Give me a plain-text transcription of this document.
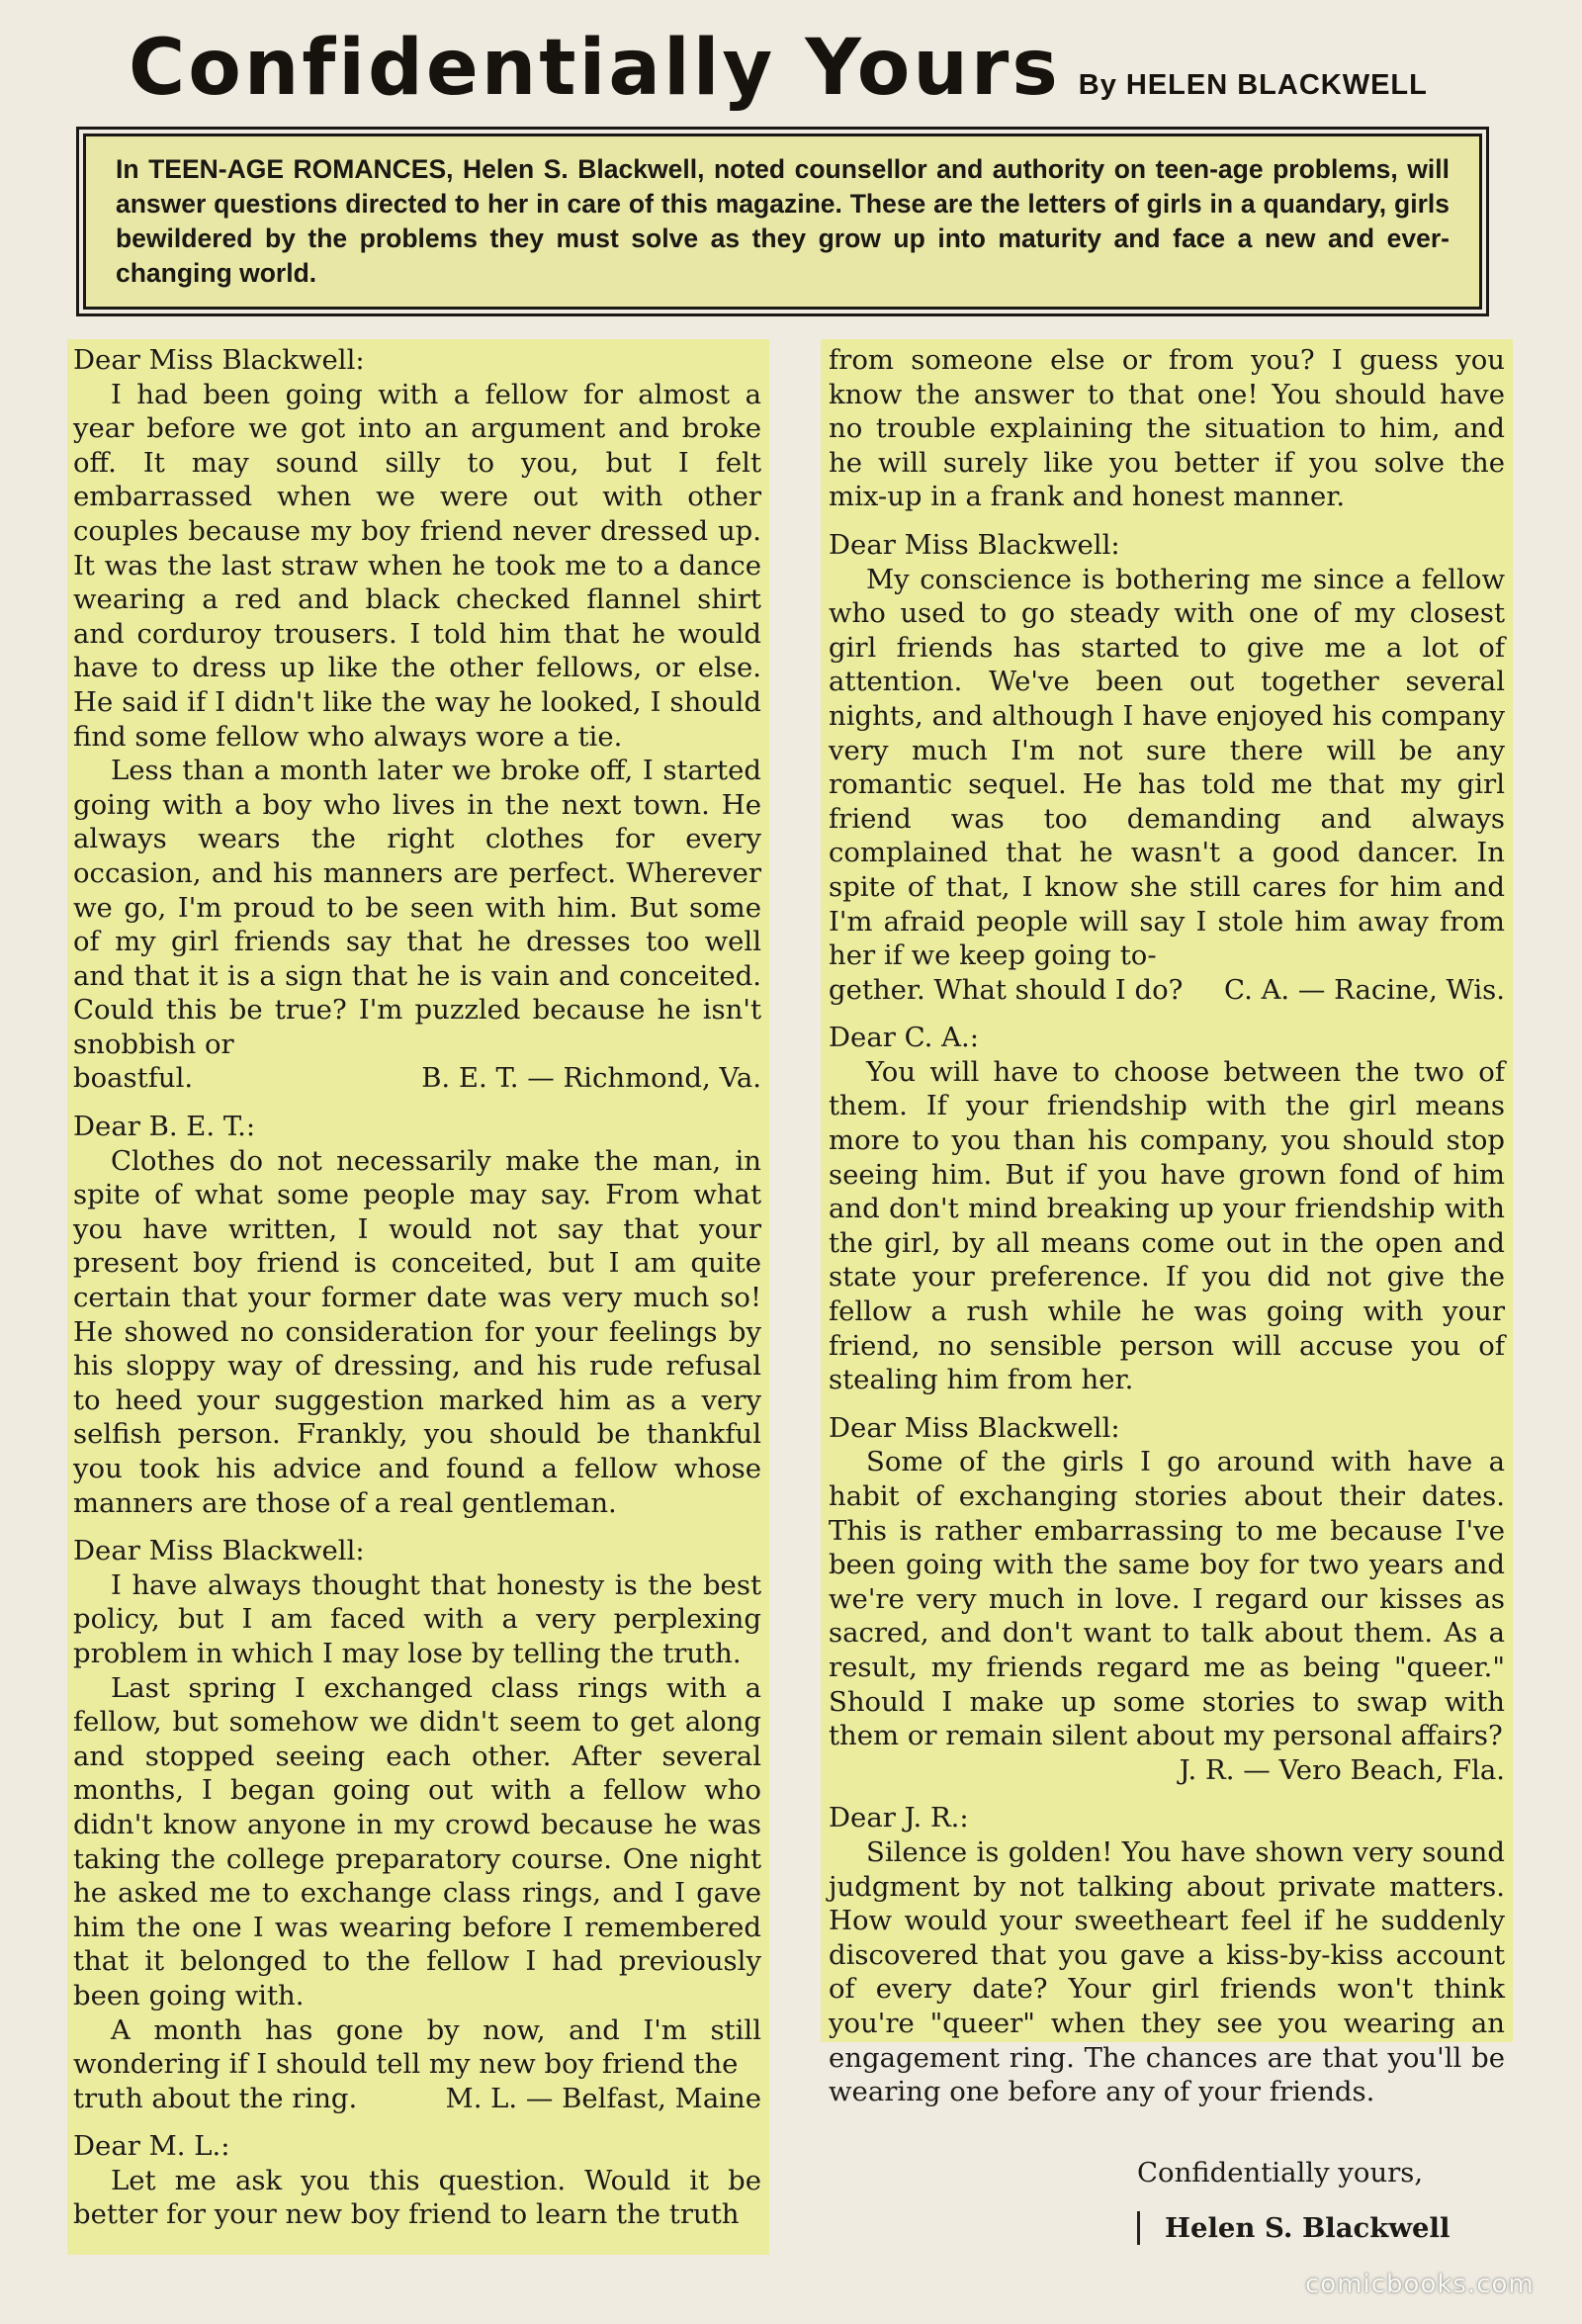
Confidentially Yours By HELEN BLACKWELL
In TEEN-AGE ROMANCES, Helen S. Blackwell, noted counsellor and authority on teen-age problems, will answer questions directed to her in care of this magazine. These are the letters of girls in a quandary, girls bewildered by the problems they must solve as they grow up into maturity and face a new and ever-changing world.

Dear Miss Blackwell:

I had been going with a fellow for almost a year before we got into an argument and broke off. It may sound silly to you, but I felt embarrassed when we were out with other couples because my boy friend never dressed up. It was the last straw when he took me to a dance wearing a red and black checked flannel shirt and corduroy trousers. I told him that he would have to dress up like the other fellows, or else. He said if I didn't like the way he looked, I should find some fellow who always wore a tie.

Less than a month later we broke off, I started going with a boy who lives in the next town. He always wears the right clothes for every occasion, and his manners are perfect. Wherever we go, I'm proud to be seen with him. But some of my girl friends say that he dresses too well and that it is a sign that he is vain and conceited. Could this be true? I'm puzzled because he isn't snobbish or

boastful.	B. E. T. — Richmond, Va.

Dear B. E. T.:

Clothes do not necessarily make the man, in spite of what some people may say. From what you have written, I would not say that your present boy friend is conceited, but I am quite certain that your former date was very much so! He showed no consideration for your feelings by his sloppy way of dressing, and his rude refusal to heed your suggestion marked him as a very selfish person. Frankly, you should be thankful you took his advice and found a fellow whose manners are those of a real gentleman.

Dear Miss Blackwell:

I have always thought that honesty is the best policy, but I am faced with a very perplexing problem in which I may lose by telling the truth.

Last spring I exchanged class rings with a fellow, but somehow we didn't seem to get along and stopped seeing each other. After several months, I began going out with a fellow who didn't know anyone in my crowd because he was taking the college preparatory course. One night he asked me to exchange class rings, and I gave him the one I was wearing before I remembered that it belonged to the fellow I had previously been going with.

A month has gone by now, and I'm still wondering if I should tell my new boy friend the

truth about the ring.	M. L. — Belfast, Maine

Dear M. L.:

Let me ask you this question. Would it be better for your new boy friend to learn the truth

from someone else or from you? I guess you know the answer to that one! You should have no trouble explaining the situation to him, and he will surely like you better if you solve the mix-up in a frank and honest manner.

Dear Miss Blackwell:

My conscience is bothering me since a fellow who used to go steady with one of my closest girl friends has started to give me a lot of attention. We've been out together several nights, and although I have enjoyed his company very much I'm not sure there will be any romantic sequel. He has told me that my girl friend was too demanding and always complained that he wasn't a good dancer. In spite of that, I know she still cares for him and I'm afraid people will say I stole him away from her if we keep going to-

gether. What should I do? C. A. — Racine, Wis.

Dear C. A.:

You will have to choose between the two of them. If your friendship with the girl means more to you than his company, you should stop seeing him. But if you have grown fond of him and don't mind breaking up your friendship with the girl, by all means come out in the open and state your preference. If you did not give the fellow a rush while he was going with your friend, no sensible person will accuse you of stealing him from her.

Dear Miss Blackwell:

Some of the girls I go around with have a habit of exchanging stories about their dates. This is rather embarrassing to me because I've been going with the same boy for two years and we're very much in love. I regard our kisses as sacred, and don't want to talk about them. As a result, my friends regard me as being "queer." Should I make up some stories to swap with them or remain silent about my personal affairs?

J. R. — Vero Beach, Fla.

Dear J. R.:

Silence is golden! You have shown very sound judgment by not talking about private matters. How would your sweetheart feel if he suddenly discovered that you gave a kiss-by-kiss account of every date? Your girl friends won't think you're "queer" when they see you wearing an engagement ring. The chances are that you'll be wearing one before any of your friends.

Confidentially yours,
Helen S. Blackwell
comicbooks.com
